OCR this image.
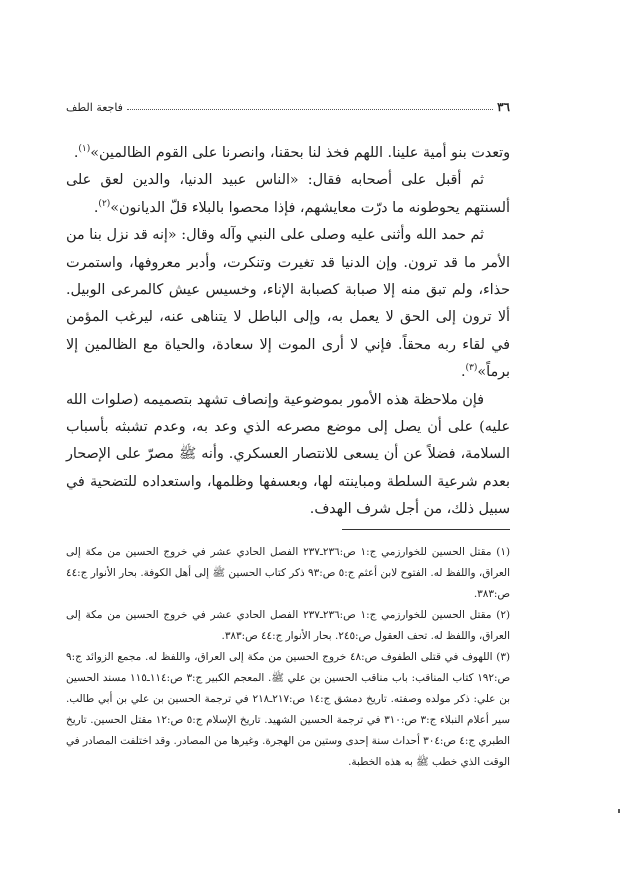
٣٦
فاجعة الطف

وتعدت بنو أمية علينا. اللهم فخذ لنا بحقنا، وانصرنا على القوم الظالمين»$^{(١)}$.

ثم أقبل على أصحابه فقال: «الناس عبيد الدنيا، والدين لعق على ألسنتهم يحوطونه ما درّت معايشهم، فإذا محصوا بالبلاء قلّ الديانون»$^{(٢)}$.

ثم حمد الله وأثنى عليه وصلى على النبي وآله وقال: «إنه قد نزل بنا من الأمر ما قد ترون. وإن الدنيا قد تغيرت وتنكرت، وأدبر معروفها، واستمرت حذاء، ولم تبق منه إلا صبابة كصبابة الإناء، وخسيس عيش كالمرعى الوبيل. ألا ترون إلى الحق لا يعمل به، وإلى الباطل لا يتناهى عنه، ليرغب المؤمن في لقاء ربه محقاً. فإني لا أرى الموت إلا سعادة، والحياة مع الظالمين إلا برماً»$^{(٣)}$.

فإن ملاحظة هذه الأمور بموضوعية وإنصاف تشهد بتصميمه (صلوات الله عليه) على أن يصل إلى موضع مصرعه الذي وعد به، وعدم تشبثه بأسباب السلامة، فضلاً عن أن يسعى للانتصار العسكري. وأنه ﷺ مصرّ على الإصحار بعدم شرعية السلطة ومباينته لها، وبعسفها وظلمها، واستعداده للتضحية في سبيل ذلك، من أجل شرف الهدف.

(١) مقتل الحسين للخوارزمي ج:١ ص:٢٣٦ـ٢٣٧ الفصل الحادي عشر في خروج الحسين من مكة إلى العراق، واللفظ له. الفتوح لابن أعثم ج:٥ ص:٩٣ ذكر كتاب الحسين ﷺ إلى أهل الكوفة. بحار الأنوار ج:٤٤ ص:٣٨٣.

(٢) مقتل الحسين للخوارزمي ج:١ ص:٢٣٦ـ٢٣٧ الفصل الحادي عشر في خروج الحسين من مكة إلى العراق، واللفظ له. تحف العقول ص:٢٤٥. بحار الأنوار ج:٤٤ ص:٣٨٣.

(٣) اللهوف في قتلى الطفوف ص:٤٨ خروج الحسين من مكة إلى العراق، واللفظ له. مجمع الزوائد ج:٩ ص:١٩٢ كتاب المناقب: باب مناقب الحسين بن علي ﷺ. المعجم الكبير ج:٣ ص:١١٤ـ١١٥ مسند الحسين بن علي: ذكر مولده وصفته. تاريخ دمشق ج:١٤ ص:٢١٧ـ٢١٨ في ترجمة الحسين بن علي بن أبي طالب. سير أعلام النبلاء ج:٣ ص:٣١٠ في ترجمة الحسين الشهيد. تاريخ الإسلام ج:٥ ص:١٢ مقتل الحسين. تاريخ الطبري ج:٤ ص:٣٠٤ أحداث سنة إحدى وستين من الهجرة. وغيرها من المصادر. وقد اختلفت المصادر في الوقت الذي خطب ﷺ به هذه الخطبة.
